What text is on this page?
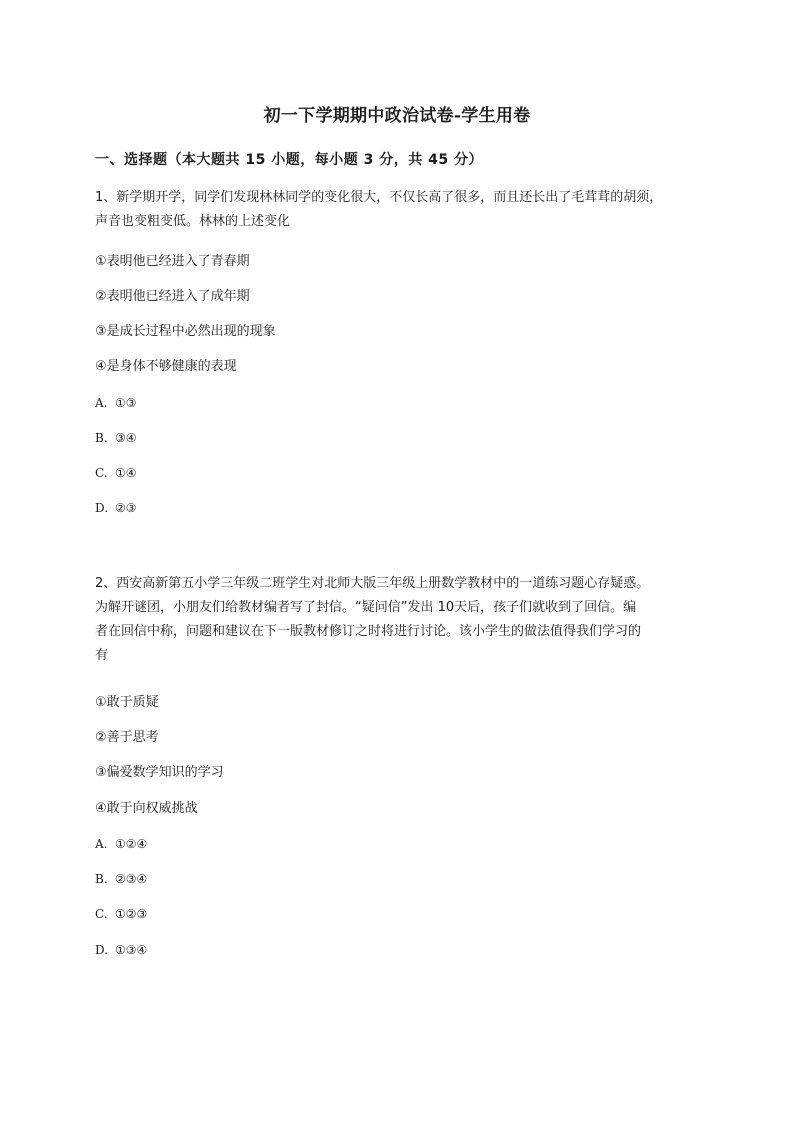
初一下学期期中政治试卷-学生用卷
一、选择题（本大题共 15 小题，每小题 3 分，共 45 分）
1、新学期开学，同学们发现林林同学的变化很大，不仅长高了很多，而且还长出了毛茸茸的胡须，
声音也变粗变低。林林的上述变化
①表明他已经进入了青春期
②表明他已经进入了成年期
③是成长过程中必然出现的现象
④是身体不够健康的表现
A. ①③
B. ③④
C. ①④
D. ②③
2、西安高新第五小学三年级二班学生对北师大版三年级上册数学教材中的一道练习题心存疑惑。
为解开谜团，小朋友们给教材编者写了封信。“疑问信”发出 10天后，孩子们就收到了回信。编
者在回信中称，问题和建议在下一版教材修订之时将进行讨论。该小学生的做法值得我们学习的
有
①敢于质疑
②善于思考
③偏爱数学知识的学习
④敢于向权威挑战
A. ①②④
B. ②③④
C. ①②③
D. ①③④
